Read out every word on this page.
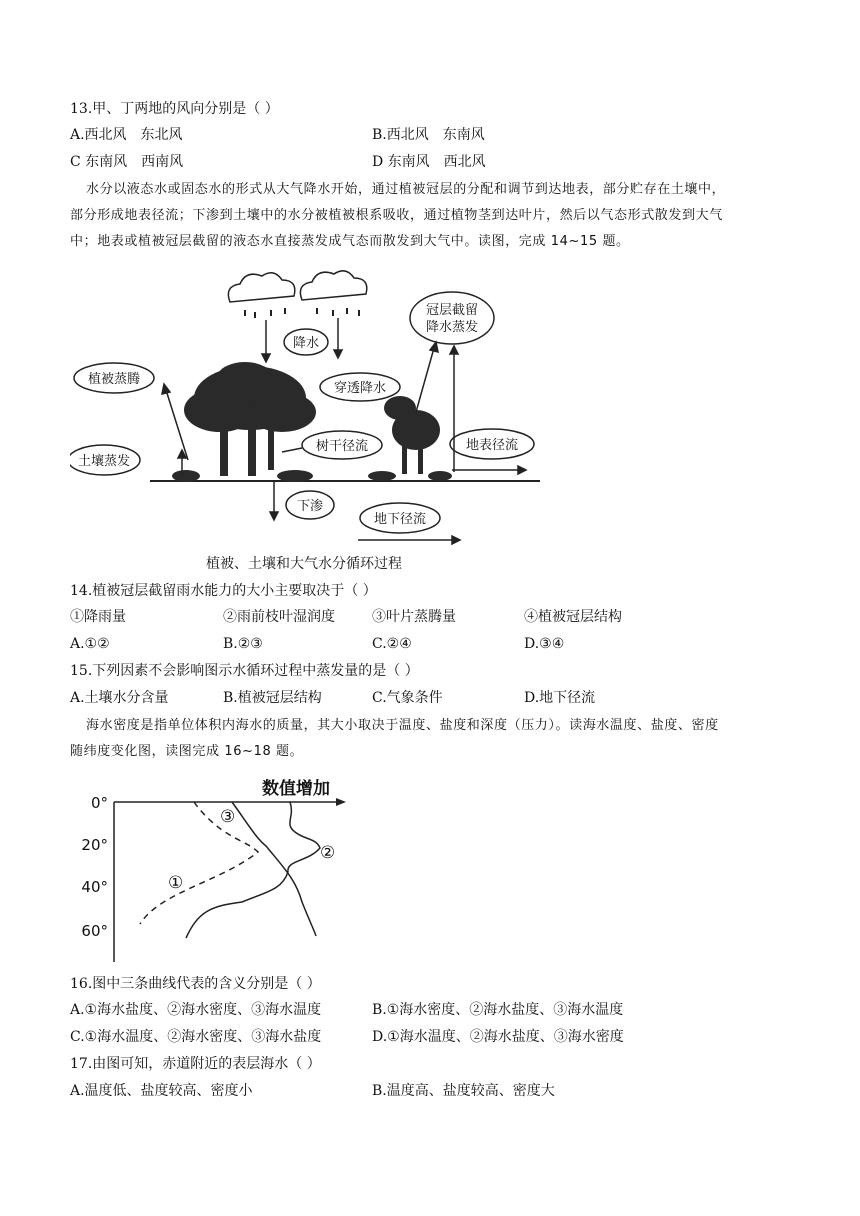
13.甲、丁两地的风向分别是（ ）
A.西北风　东北风	B.西北风　东南风
C 东南风　西南风	D 东南风　西北风
水分以液态水或固态水的形式从大气降水开始，通过植被冠层的分配和调节到达地表，部分贮存在土壤中，
部分形成地表径流；下渗到土壤中的水分被植被根系吸收，通过植物茎到达叶片，然后以气态形式散发到大气
中；地表或植被冠层截留的液态水直接蒸发成气态而散发到大气中。读图，完成 14~15 题。
降水
冠层截留
降水蒸发
植被蒸腾
穿透降水
土壤蒸发
树干径流	地表径流
下渗
地下径流
植被、土壤和大气水分循环过程
14.植被冠层截留雨水能力的大小主要取决于（ ）
①降雨量	②雨前枝叶湿润度	③叶片蒸腾量	④植被冠层结构
A.①②	B.②③	C.②④	D.③④
15.下列因素不会影响图示水循环过程中蒸发量的是（ ）
A.土壤水分含量	B.植被冠层结构	C.气象条件	D.地下径流
海水密度是指单位体积内海水的质量，其大小取决于温度、盐度和深度（压力）。读海水温度、盐度、密度
随纬度变化图，读图完成 16~18 题。
数值增加
0°
20°
40°
60°
③
②
①
16.图中三条曲线代表的含义分别是（ ）
A.①海水盐度、②海水密度、③海水温度	B.①海水密度、②海水盐度、③海水温度
C.①海水温度、②海水密度、③海水盐度	D.①海水温度、②海水盐度、③海水密度
17.由图可知，赤道附近的表层海水（ ）
A.温度低、盐度较高、密度小	B.温度高、盐度较高、密度大
